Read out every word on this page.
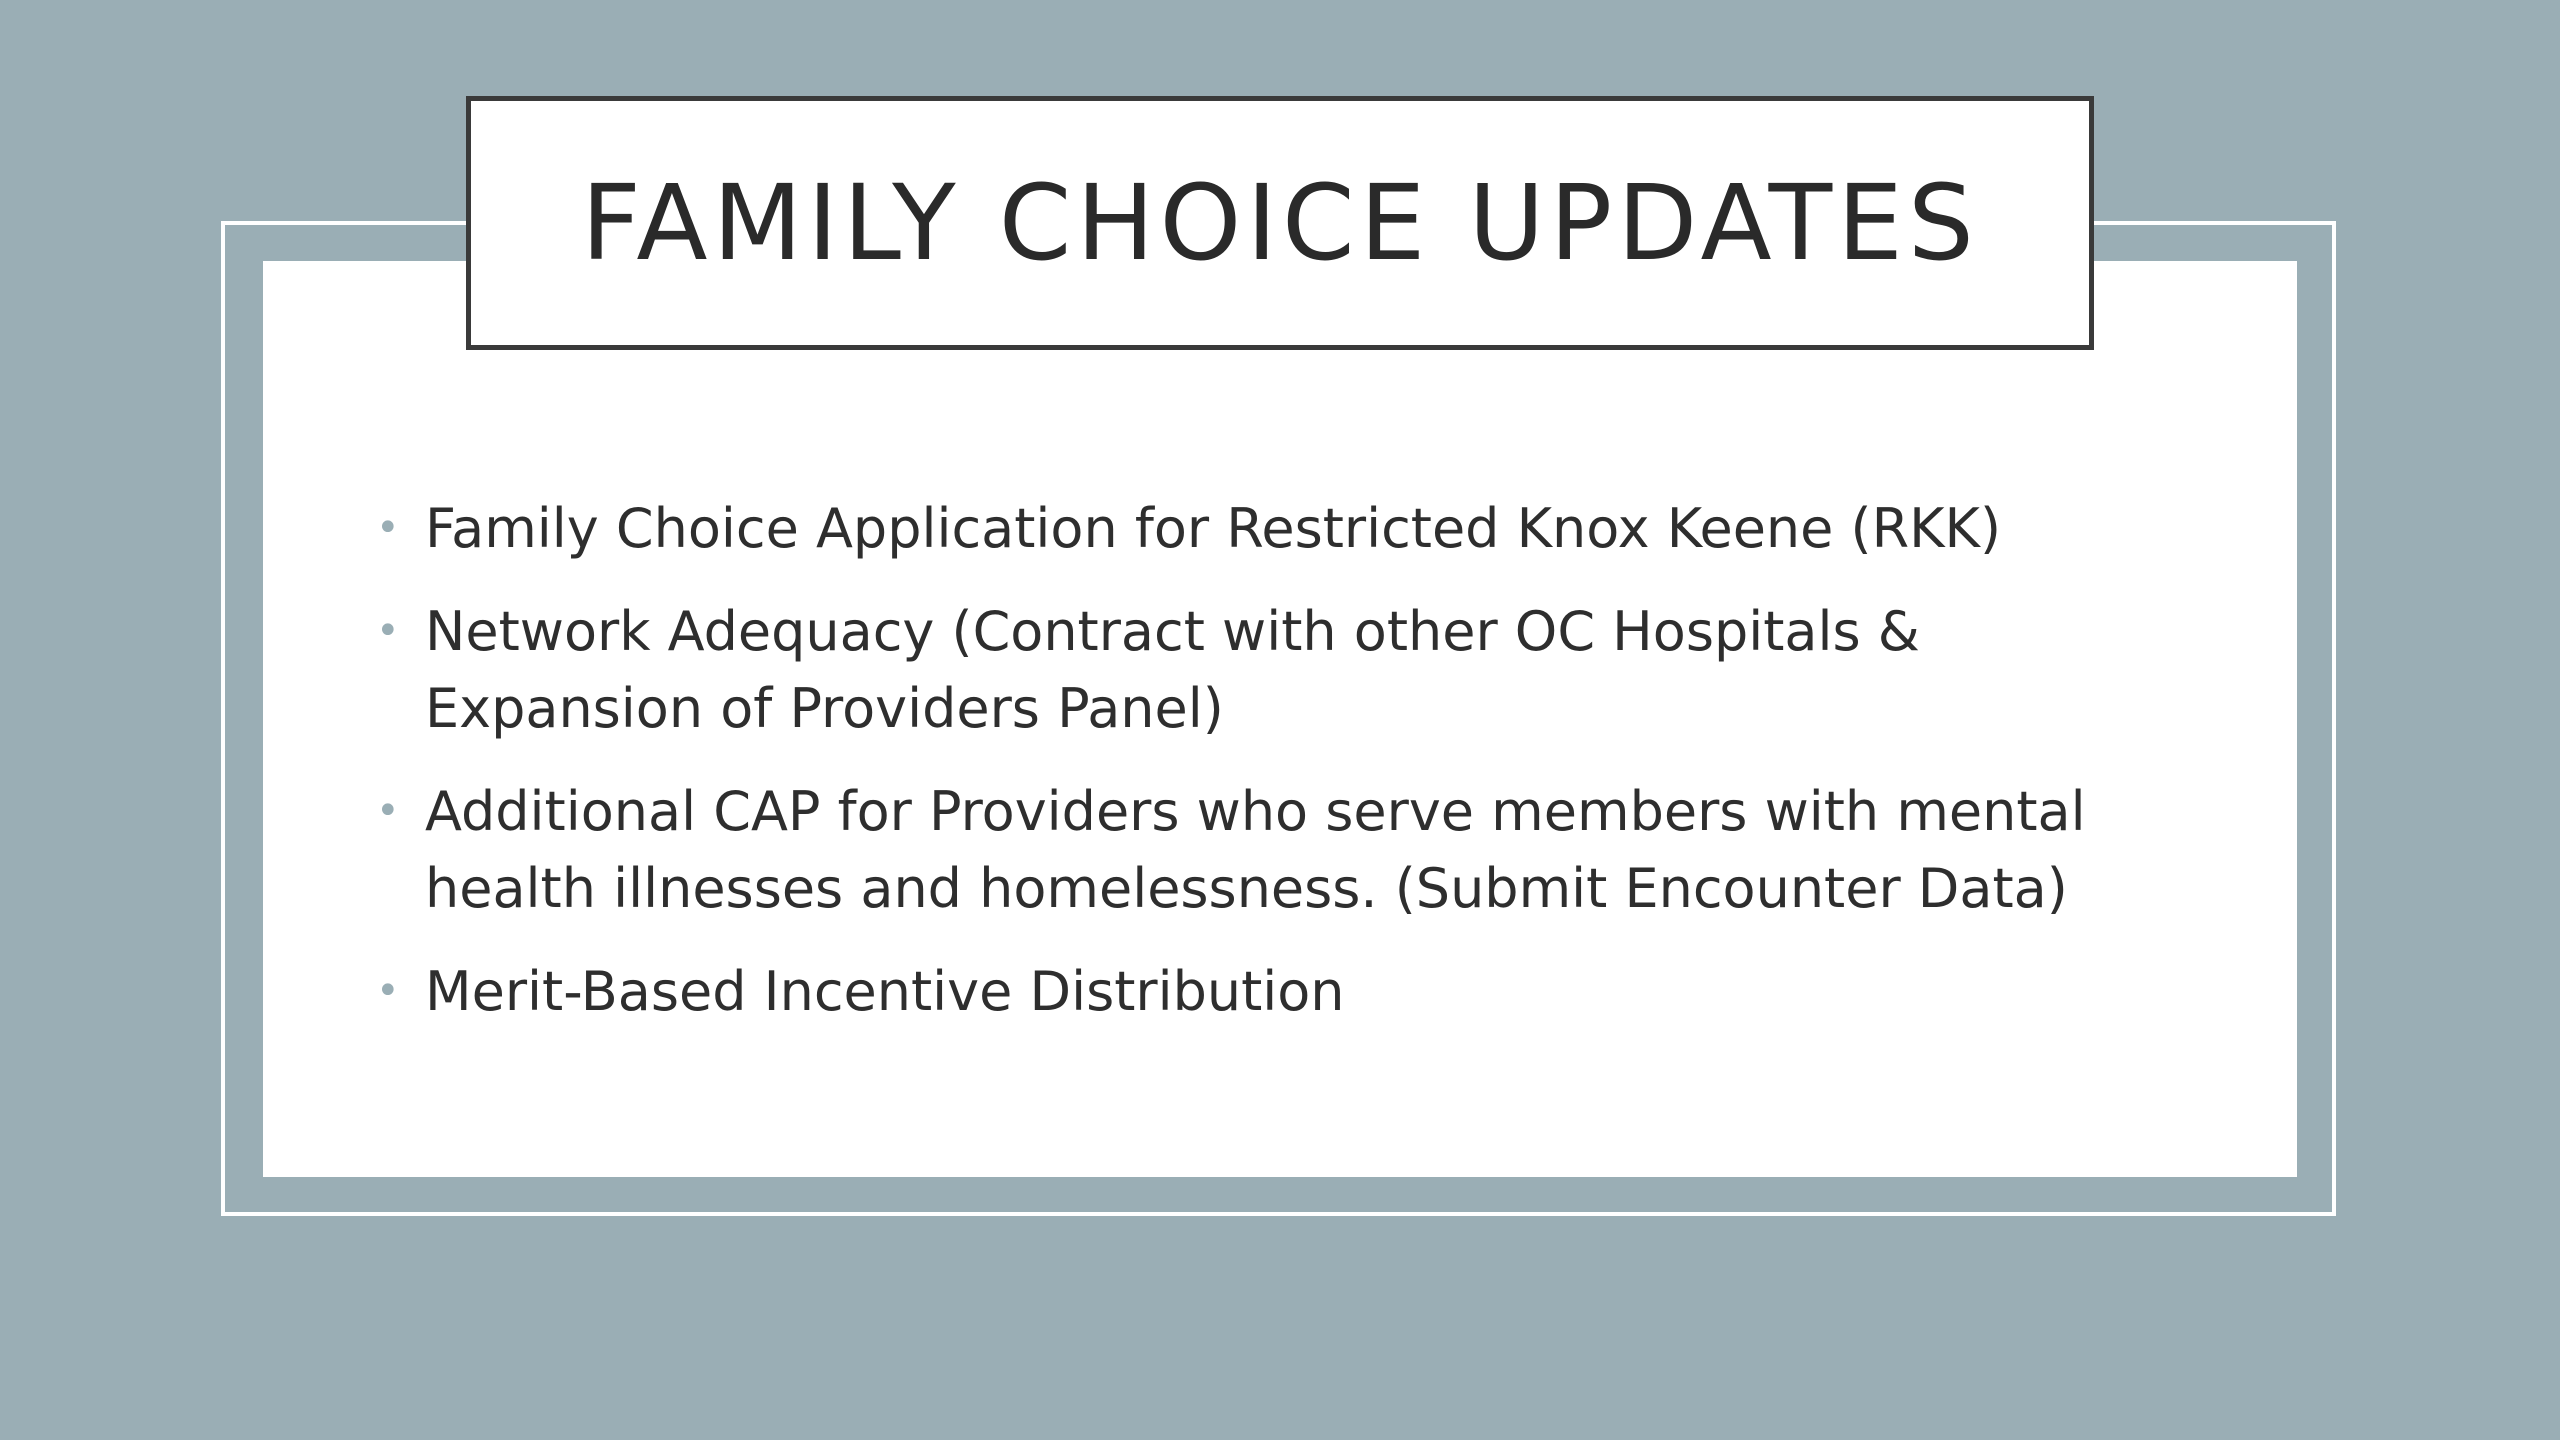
FAMILY CHOICE UPDATES
• Family Choice Application for Restricted Knox Keene (RKK)
• Network Adequacy (Contract with other OC Hospitals & Expansion of Providers Panel)
• Additional CAP for Providers who serve members with mental health illnesses and homelessness. (Submit Encounter Data)
• Merit-Based Incentive Distribution
